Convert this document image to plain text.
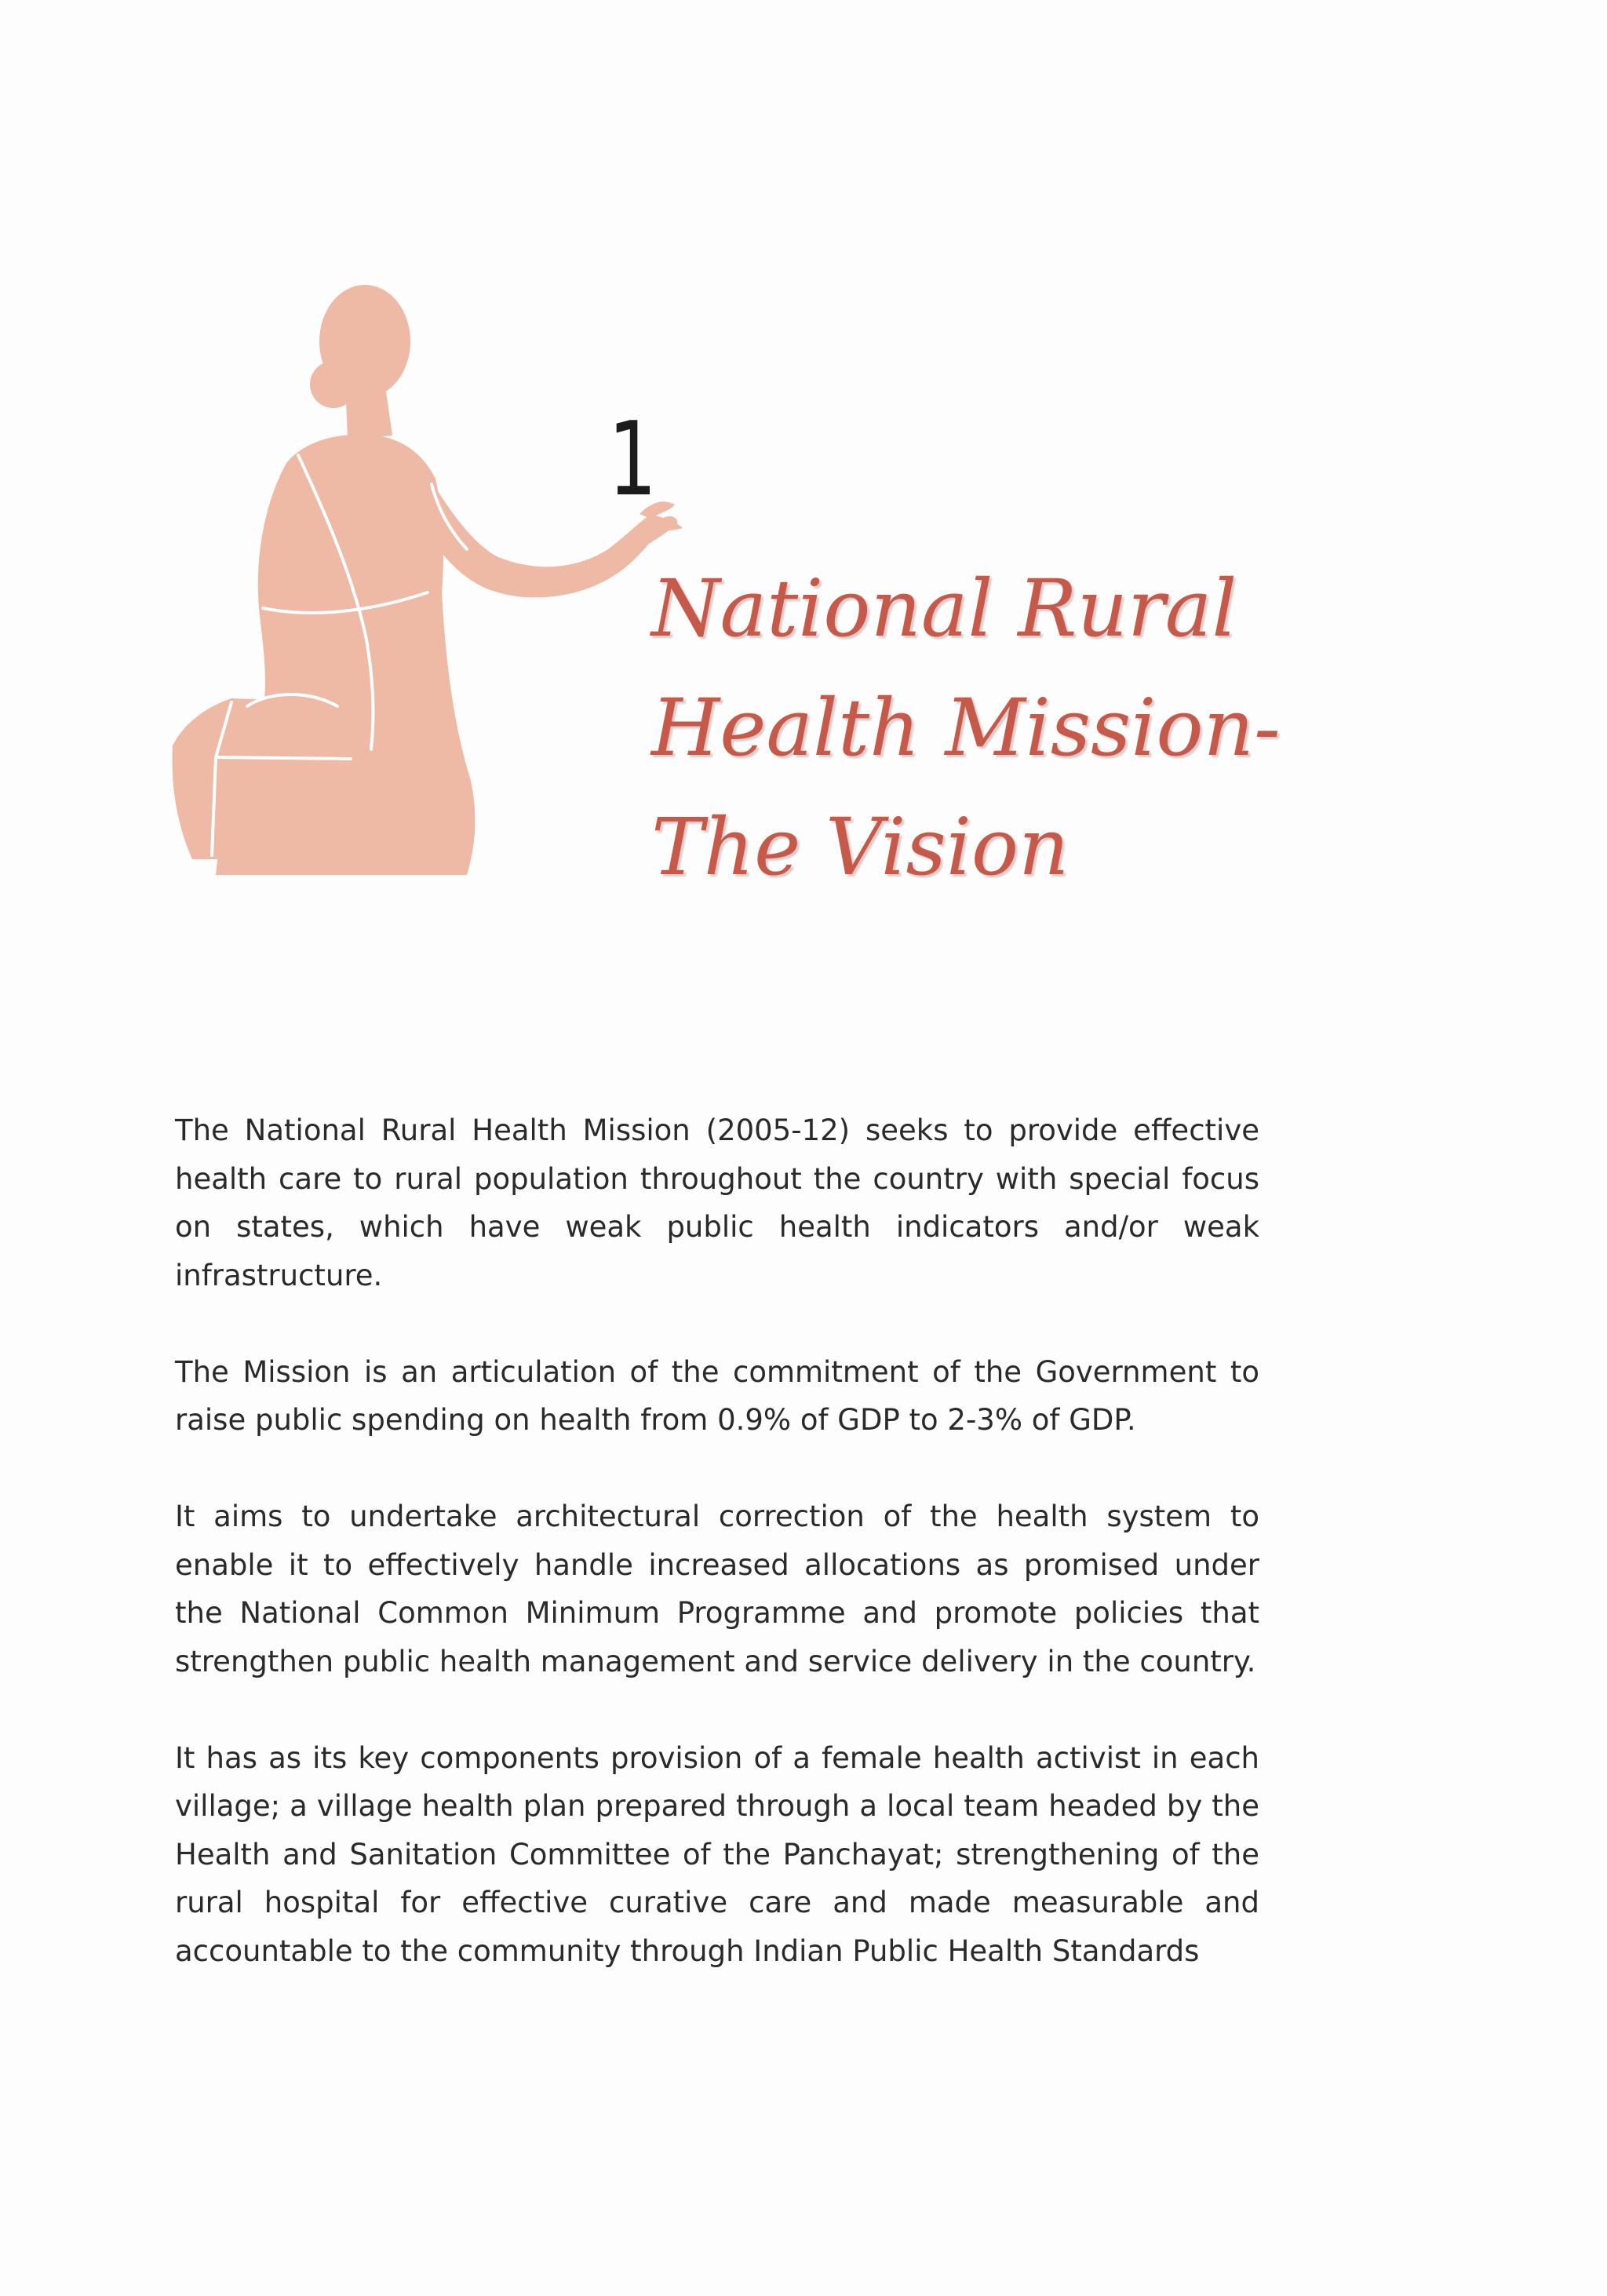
1
National Rural
Health Mission-
The Vision

The National Rural Health Mission (2005-12) seeks to provide effective health care to rural population throughout the country with special focus on states, which have weak public health indicators and/or weak infrastructure.

The Mission is an articulation of the commitment of the Government to raise public spending on health from 0.9% of GDP to 2-3% of GDP.

It aims to undertake architectural correction of the health system to enable it to effectively handle increased allocations as promised under the National Common Minimum Programme and promote policies that strengthen public health management and service delivery in the country.

It has as its key components provision of a female health activist in each village; a village health plan prepared through a local team headed by the Health and Sanitation Committee of the Panchayat; strengthening of the rural hospital for effective curative care and made measurable and accountable to the community through Indian Public Health Standards
